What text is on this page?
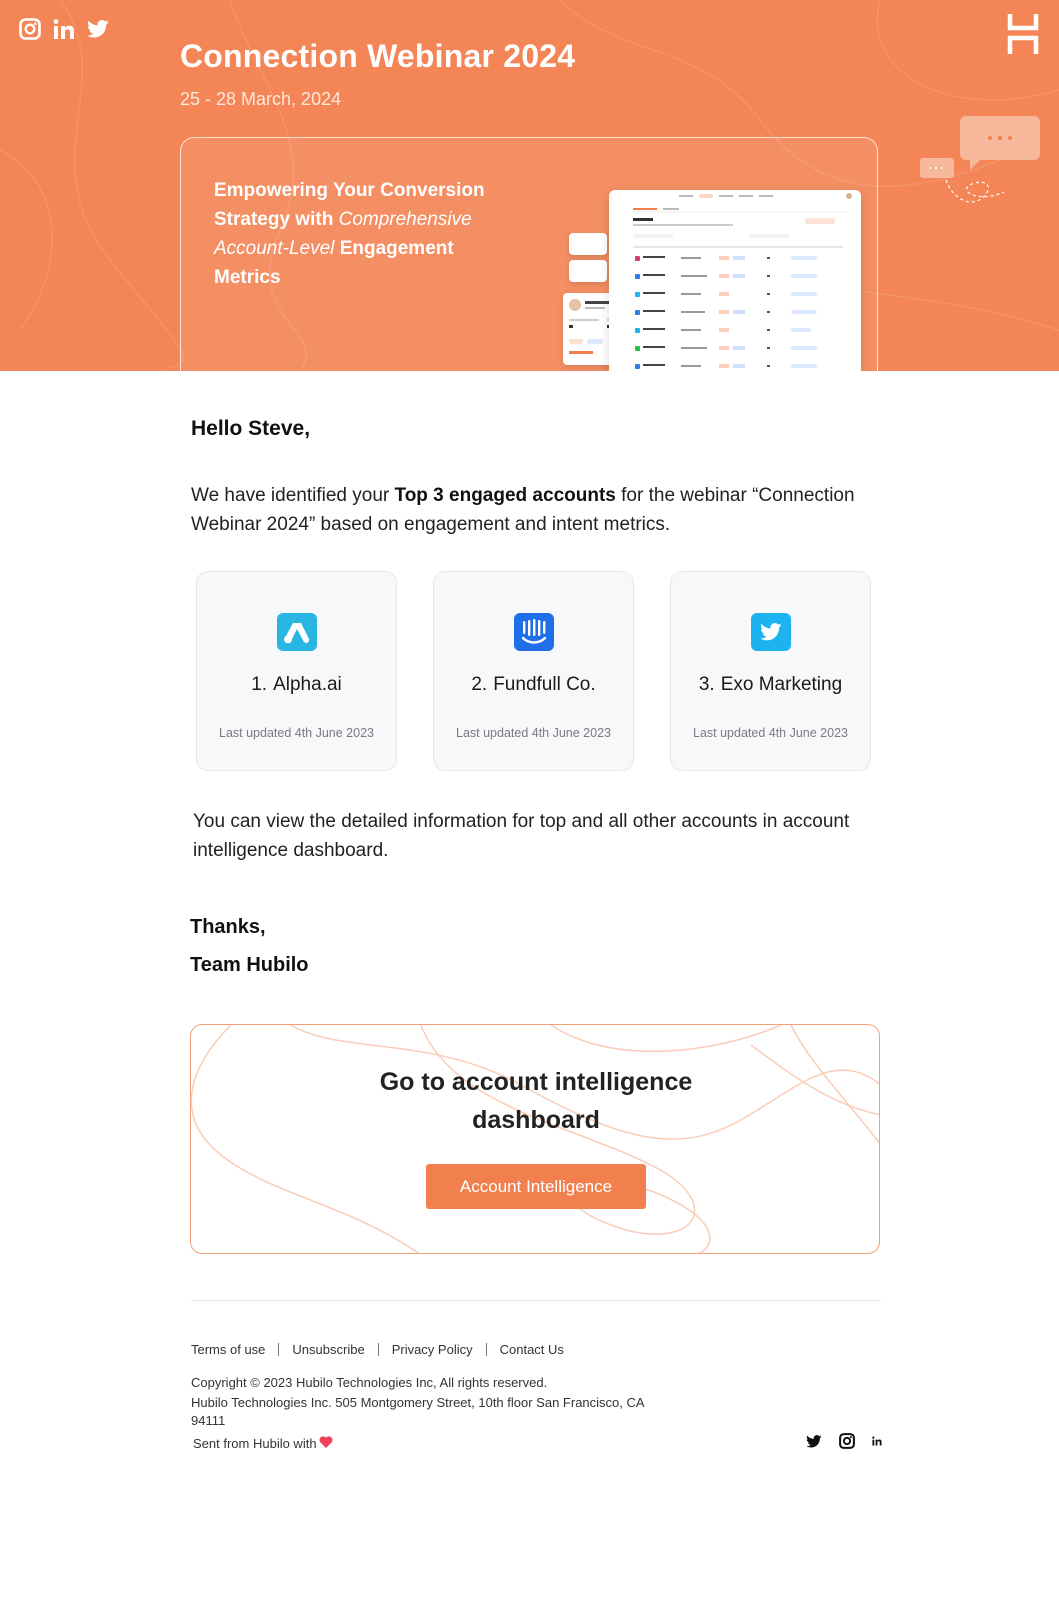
Connection Webinar 2024
25 - 28 March, 2024
Empowering Your Conversion Strategy with Comprehensive Account-Level Engagement Metrics
Hello Steve,

We have identified your Top 3 engaged accounts for the webinar “Connection Webinar 2024” based on engagement and intent metrics.

1. Alpha.ai
Last updated 4th June 2023
2. Fundfull Co.
Last updated 4th June 2023
3. Exo Marketing
Last updated 4th June 2023

You can view the detailed information for top and all other accounts in account intelligence dashboard.

Thanks,
Team Hubilo
Go to account intelligence
dashboard
Account Intelligence
Terms of use Unsubscribe Privacy Policy Contact Us
Copyright © 2023 Hubilo Technologies Inc, All rights reserved.
Hubilo Technologies Inc. 505 Montgomery Street, 10th floor San Francisco, CA 94111
Sent from Hubilo with
